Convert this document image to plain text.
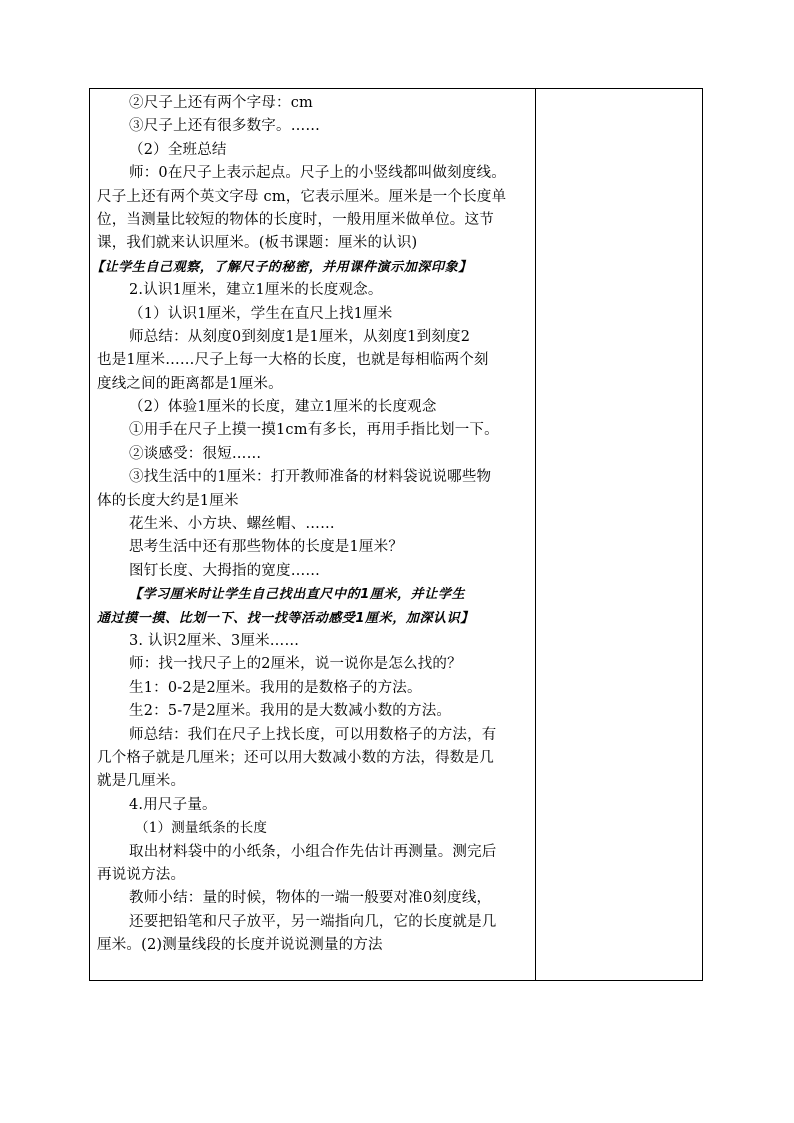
②尺子上还有两个字母：cm
③尺子上还有很多数字。……
（2）全班总结
师：0在尺子上表示起点。尺子上的小竖线都叫做刻度线。
尺子上还有两个英文字母 cm，它表示厘米。厘米是一个长度单
位，当测量比较短的物体的长度时，一般用厘米做单位。这节
课，我们就来认识厘米。(板书课题：厘米的认识)
【让学生自己观察，了解尺子的秘密，并用课件演示加深印象】
2.认识1厘米，建立1厘米的长度观念。
（1）认识1厘米，学生在直尺上找1厘米
师总结：从刻度0到刻度1是1厘米，从刻度1到刻度2
也是1厘米……尺子上每一大格的长度，也就是每相临两个刻
度线之间的距离都是1厘米。
（2）体验1厘米的长度，建立1厘米的长度观念
①用手在尺子上摸一摸1cm有多长，再用手指比划一下。
②谈感受：很短……
③找生活中的1厘米：打开教师准备的材料袋说说哪些物
体的长度大约是1厘米
花生米、小方块、螺丝帽、……
思考生活中还有那些物体的长度是1厘米？
图钉长度、大拇指的宽度……
【学习厘米时让学生自己找出直尺中的1厘米，并让学生
通过摸一摸、比划一下、找一找等活动感受1厘米，加深认识】
3. 认识2厘米、3厘米……
师：找一找尺子上的2厘米，说一说你是怎么找的？
生1：0-2是2厘米。我用的是数格子的方法。
生2：5-7是2厘米。我用的是大数减小数的方法。
师总结：我们在尺子上找长度，可以用数格子的方法，有
几个格子就是几厘米；还可以用大数减小数的方法，得数是几
就是几厘米。
4.用尺子量。
（1）测量纸条的长度
取出材料袋中的小纸条，小组合作先估计再测量。测完后
再说说方法。
教师小结：量的时候，物体的一端一般要对准0刻度线，
还要把铅笔和尺子放平，另一端指向几，它的长度就是几
厘米。(2)测量线段的长度并说说测量的方法
